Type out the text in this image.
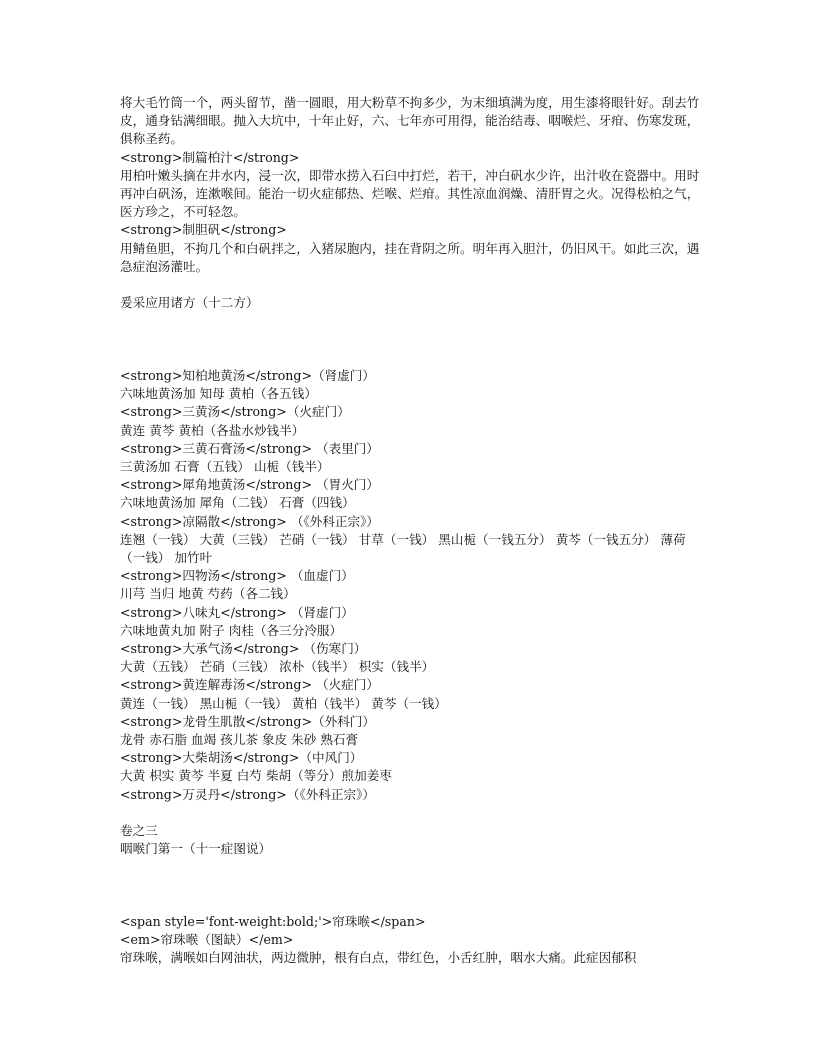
将大毛竹筒一个，两头留节，凿一圆眼，用大粉草不拘多少，为末细填满为度，用生漆将眼针好。刮去竹皮，通身钻满细眼。抛入大坑中，十年止好，六、七年亦可用得，能治结毒、咽喉烂、牙疳、伤寒发斑，俱称圣药。
<strong>制篇柏汁</strong>
用柏叶嫩头摘在井水内，浸一次，即带水捞入石臼中打烂，若干，冲白矾水少许，出汁收在瓷器中。用时再冲白矾汤，连漱喉间。能治一切火症郁热、烂喉、烂疳。其性凉血润燥、清肝胃之火。况得松柏之气，医方珍之，不可轻忽。
<strong>制胆矾</strong>
用鲭鱼胆，不拘几个和白矾拌之，入猪尿胞内，挂在背阴之所。明年再入胆汁，仍旧风干。如此三次，遇急症泡汤灌吐。
爰采应用诸方（十二方）
<strong>知柏地黄汤</strong>（肾虚门）
六味地黄汤加 知母 黄柏（各五钱）
<strong>三黄汤</strong>（火症门）
黄连 黄芩 黄柏（各盐水炒钱半）
<strong>三黄石膏汤</strong> （表里门）
三黄汤加 石膏（五钱） 山栀（钱半）
<strong>犀角地黄汤</strong> （胃火门）
六味地黄汤加 犀角（二钱） 石膏（四钱）
<strong>凉隔散</strong> （《外科正宗》）
连翘（一钱） 大黄（三钱） 芒硝（一钱） 甘草（一钱） 黑山栀（一钱五分） 黄芩（一钱五分） 薄荷（一钱） 加竹叶
<strong>四物汤</strong> （血虚门）
川芎 当归 地黄 芍药（各二钱）
<strong>八味丸</strong> （肾虚门）
六味地黄丸加 附子 肉桂（各三分冷服）
<strong>大承气汤</strong> （伤寒门）
大黄（五钱） 芒硝（三钱） 浓朴（钱半） 枳实（钱半）
<strong>黄连解毒汤</strong> （火症门）
黄连（一钱） 黑山栀（一钱） 黄柏（钱半） 黄芩（一钱）
<strong>龙骨生肌散</strong>（外科门）
龙骨 赤石脂 血竭 孩儿茶 象皮 朱砂 熟石膏
<strong>大柴胡汤</strong>（中风门）
大黄 枳实 黄芩 半夏 白芍 柴胡（等分）煎加姜枣
<strong>万灵丹</strong>（《外科正宗》）
卷之三
咽喉门第一（十一症图说）
<span style='font-weight:bold;'>帘珠喉</span>
<em>帘珠喉（图缺）</em>
帘珠喉，满喉如白网油状，两边微肿，根有白点，带红色，小舌红肿，咽水大痛。此症因郁积
